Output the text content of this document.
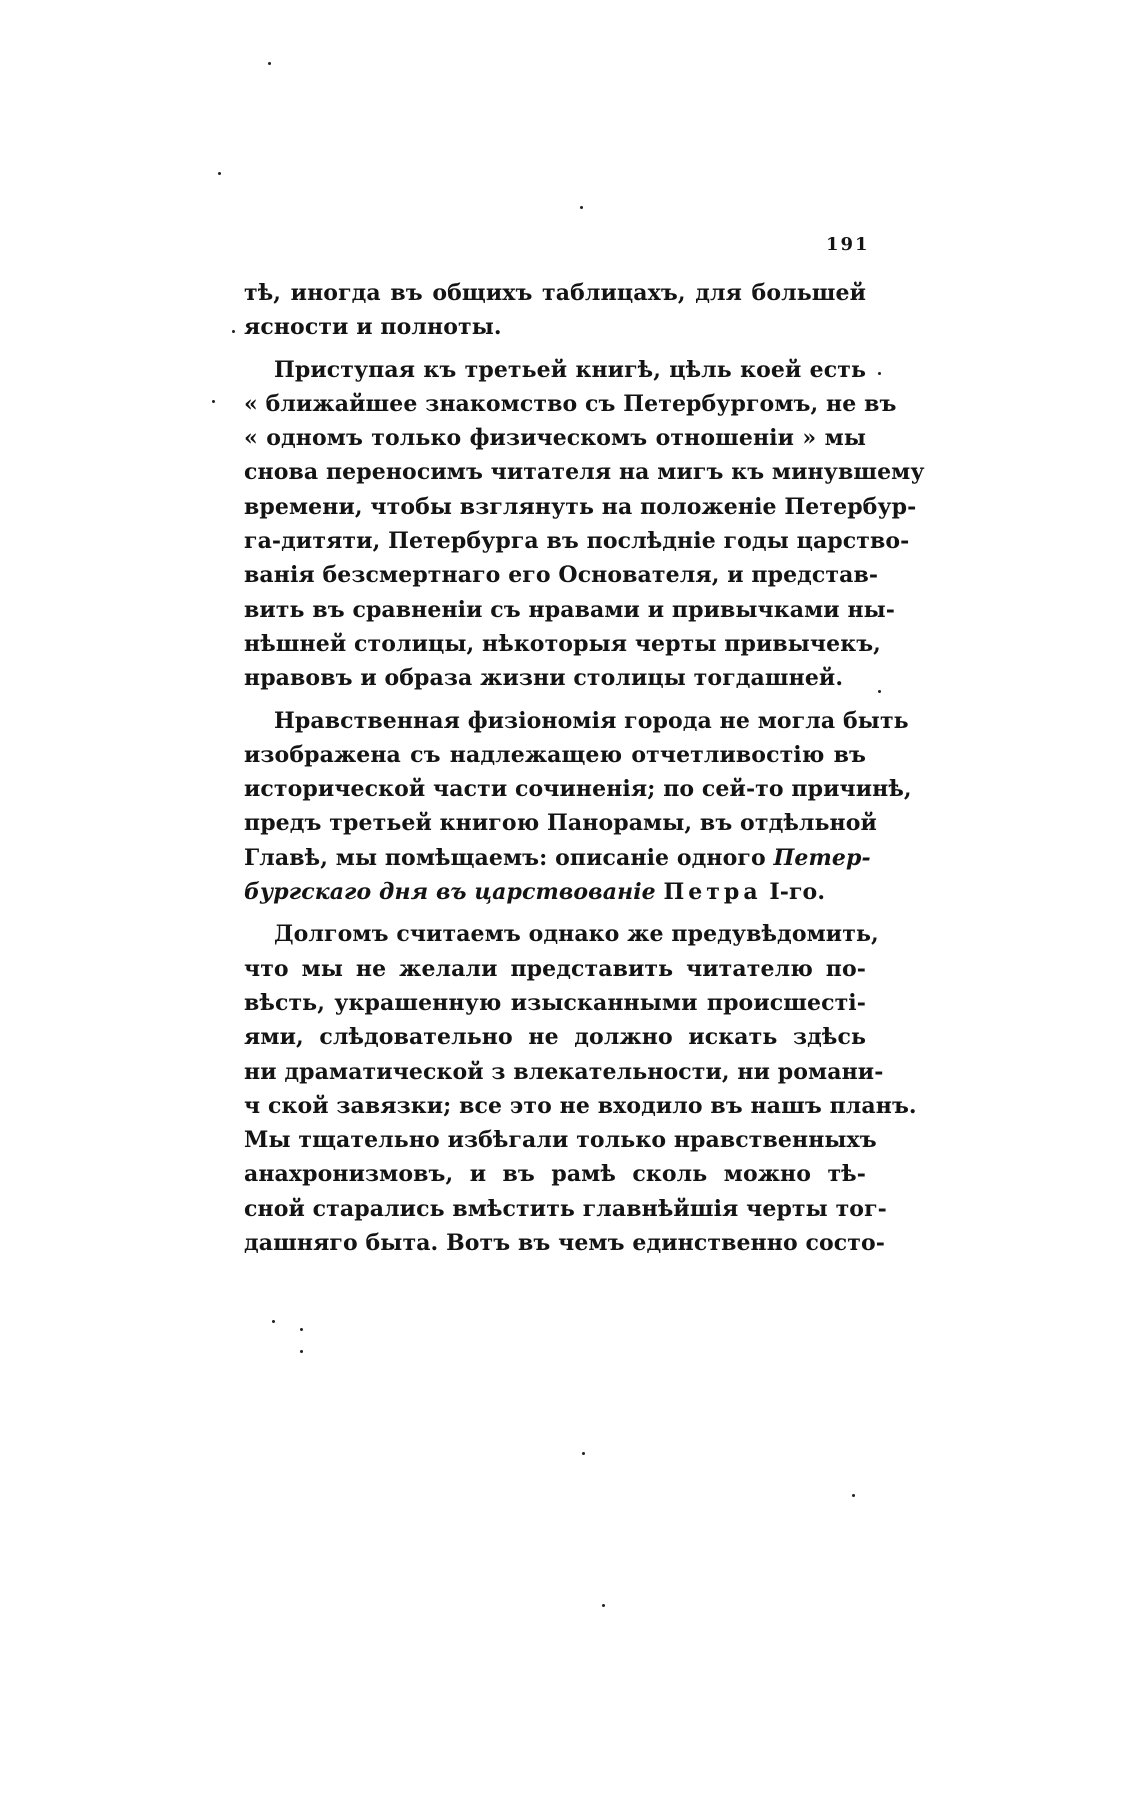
191
тѣ, иногда въ общихъ таблицахъ, для большей
ясности и полноты.
Приступая къ третьей книгѣ, цѣль коей есть
« ближайшее знакомство съ Петербургомъ, не въ
« одномъ только физическомъ отношеніи » мы
снова переносимъ читателя на мигъ къ минувшему
времени, чтобы взглянуть на положеніе Петербур-
га-дитяти, Петербурга въ послѣдніе годы царство-
ванія безсмертнаго его Основателя, и представ-
вить въ сравненіи съ нравами и привычками ны-
нѣшней столицы, нѣкоторыя черты привычекъ,
нравовъ и образа жизни столицы тогдашней.
Нравственная физіономія города не могла быть
изображена съ надлежащею отчетливостію въ
исторической части сочиненія; по сей-то причинѣ,
предъ третьей книгою Панорамы, въ отдѣльной
Главѣ, мы помѣщаемъ: описаніе одного Петер-
бургскаго дня въ царствованіе Петра I-го.
Долгомъ считаемъ однако же предувѣдомить,
что мы не желали представить читателю по-
вѣсть, украшенную изысканными происшесті-
ями, слѣдовательно не должно искать здѣсь
ни драматической з влекательности, ни романи-
ч ской завязки; все это не входило въ нашъ планъ.
Мы тщательно избѣгали только нравственныхъ
анахронизмовъ, и въ рамѣ сколь можно тѣ-
сной старались вмѣстить главнѣйшія черты тог-
дашняго быта. Вотъ въ чемъ единственно состо-
